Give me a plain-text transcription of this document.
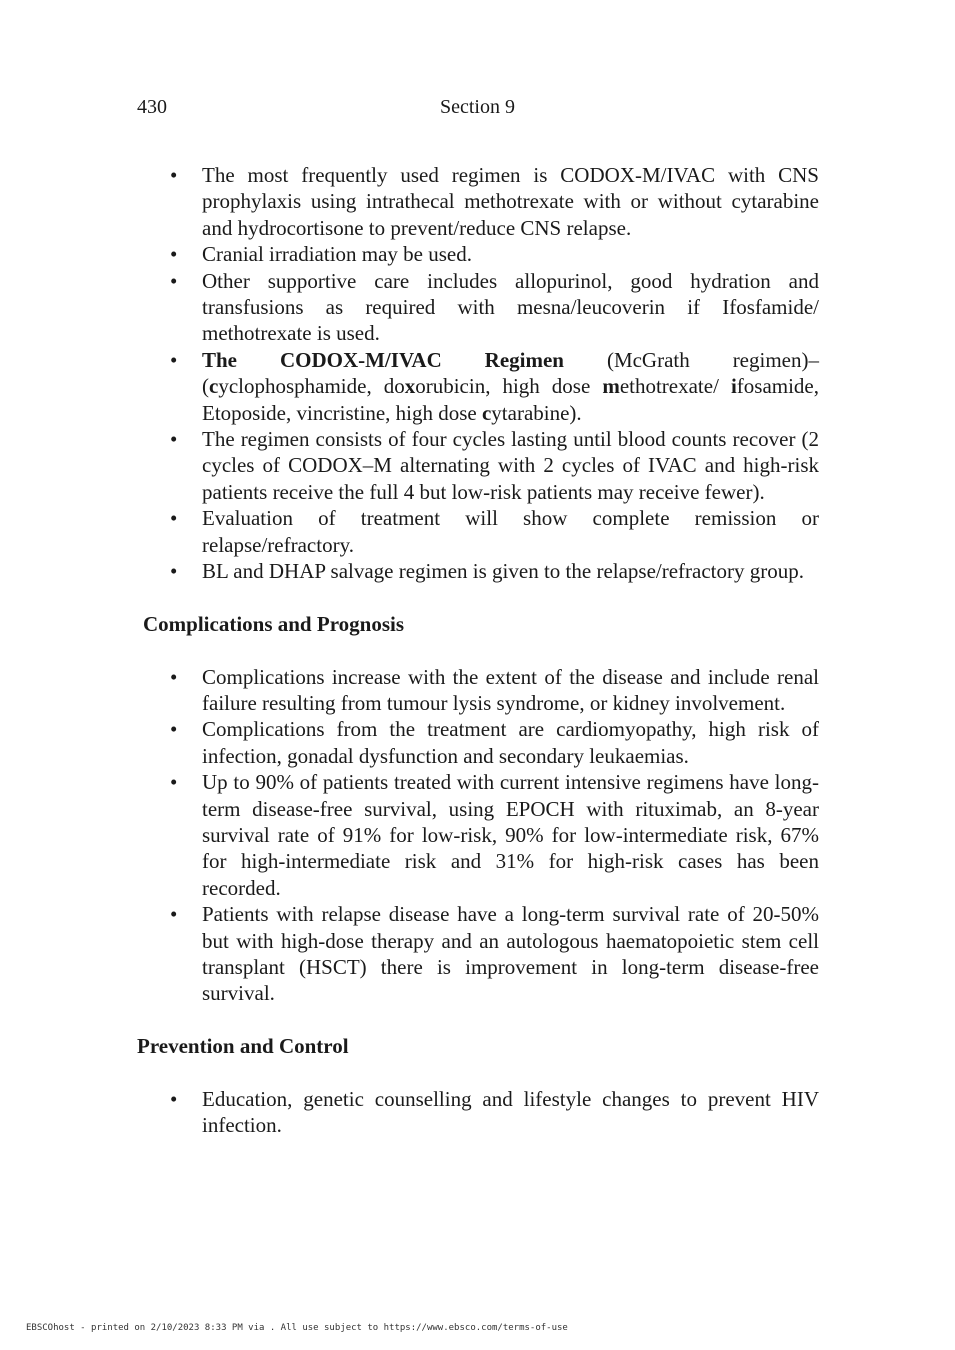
430	Section 9
• The most frequently used regimen is CODOX-M/IVAC with CNS prophylaxis using intrathecal methotrexate with or without cytarabine and hydrocortisone to prevent/reduce CNS relapse.
• Cranial irradiation may be used.
• Other supportive care includes allopurinol, good hydration and transfusions as required with mesna/leucoverin if Ifosfamide/ methotrexate is used.
• The CODOX-M/IVAC Regimen (McGrath regimen)–(cyclophosphamide, doxorubicin, high dose methotrexate/ ifosamide, Etoposide, vincristine, high dose cytarabine).
• The regimen consists of four cycles lasting until blood counts recover (2 cycles of CODOX–M alternating with 2 cycles of IVAC and high-risk patients receive the full 4 but low-risk patients may receive fewer).
• Evaluation of treatment will show complete remission or relapse/refractory.
• BL and DHAP salvage regimen is given to the relapse/refractory group.
Complications and Prognosis
• Complications increase with the extent of the disease and include renal failure resulting from tumour lysis syndrome, or kidney involvement.
• Complications from the treatment are cardiomyopathy, high risk of infection, gonadal dysfunction and secondary leukaemias.
• Up to 90% of patients treated with current intensive regimens have long-term disease-free survival, using EPOCH with rituximab, an 8-year survival rate of 91% for low-risk, 90% for low-intermediate risk, 67% for high-intermediate risk and 31% for high-risk cases has been recorded.
• Patients with relapse disease have a long-term survival rate of 20-50% but with high-dose therapy and an autologous haematopoietic stem cell transplant (HSCT) there is improvement in long-term disease-free survival.
Prevention and Control
• Education, genetic counselling and lifestyle changes to prevent HIV infection.
EBSCOhost - printed on 2/10/2023 8:33 PM via . All use subject to https://www.ebsco.com/terms-of-use
